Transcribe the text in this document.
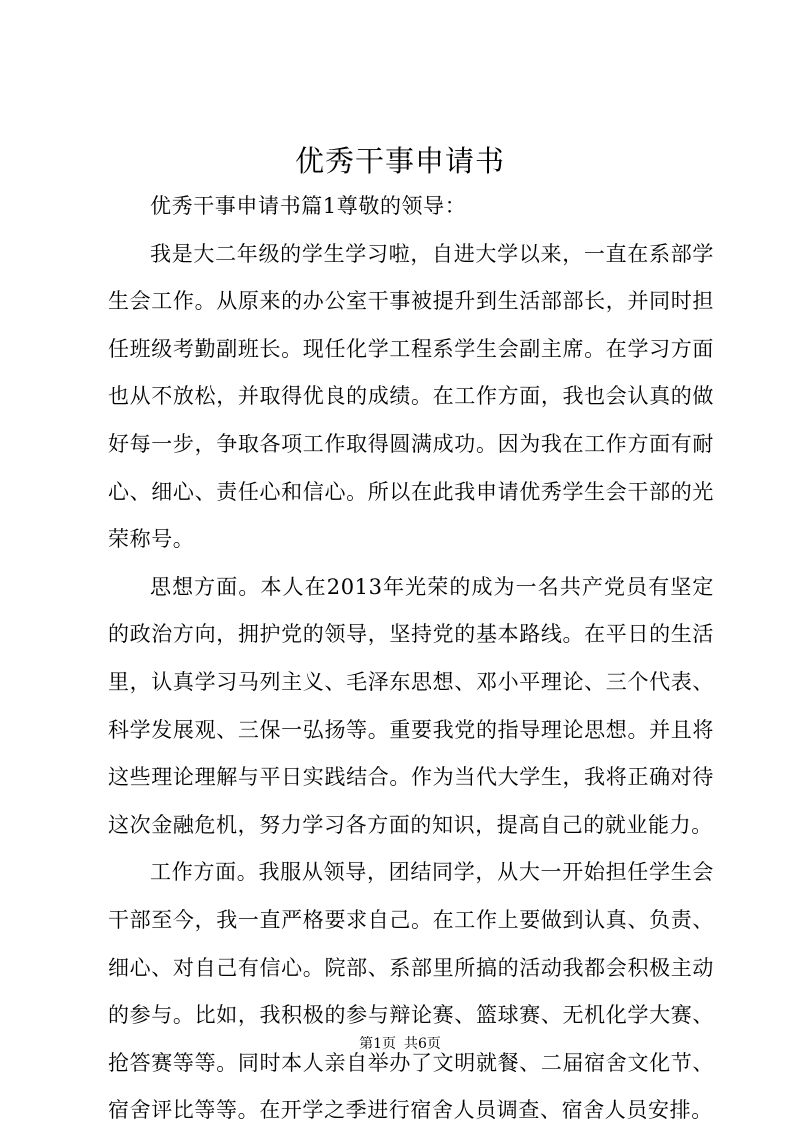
优秀干事申请书

优秀干事申请书篇1尊敬的领导：

我是大二年级的学生学习啦，自进大学以来，一直在系部学生会工作。从原来的办公室干事被提升到生活部部长，并同时担任班级考勤副班长。现任化学工程系学生会副主席。在学习方面也从不放松，并取得优良的成绩。在工作方面，我也会认真的做好每一步，争取各项工作取得圆满成功。因为我在工作方面有耐心、细心、责任心和信心。所以在此我申请优秀学生会干部的光荣称号。

思想方面。本人在2013年光荣的成为一名共产党员有坚定的政治方向，拥护党的领导，坚持党的基本路线。在平日的生活里，认真学习马列主义、毛泽东思想、邓小平理论、三个代表、科学发展观、三保一弘扬等。重要我党的指导理论思想。并且将这些理论理解与平日实践结合。作为当代大学生，我将正确对待这次金融危机，努力学习各方面的知识，提高自己的就业能力。

工作方面。我服从领导，团结同学，从大一开始担任学生会干部至今，我一直严格要求自己。在工作上要做到认真、负责、细心、对自己有信心。院部、系部里所搞的活动我都会积极主动的参与。比如，我积极的参与辩论赛、篮球赛、无机化学大赛、抢答赛等等。同时本人亲自举办了文明就餐、二届宿舍文化节、宿舍评比等等。在开学之季进行宿舍人员调查、宿舍人员安排。

第1页 共6页
